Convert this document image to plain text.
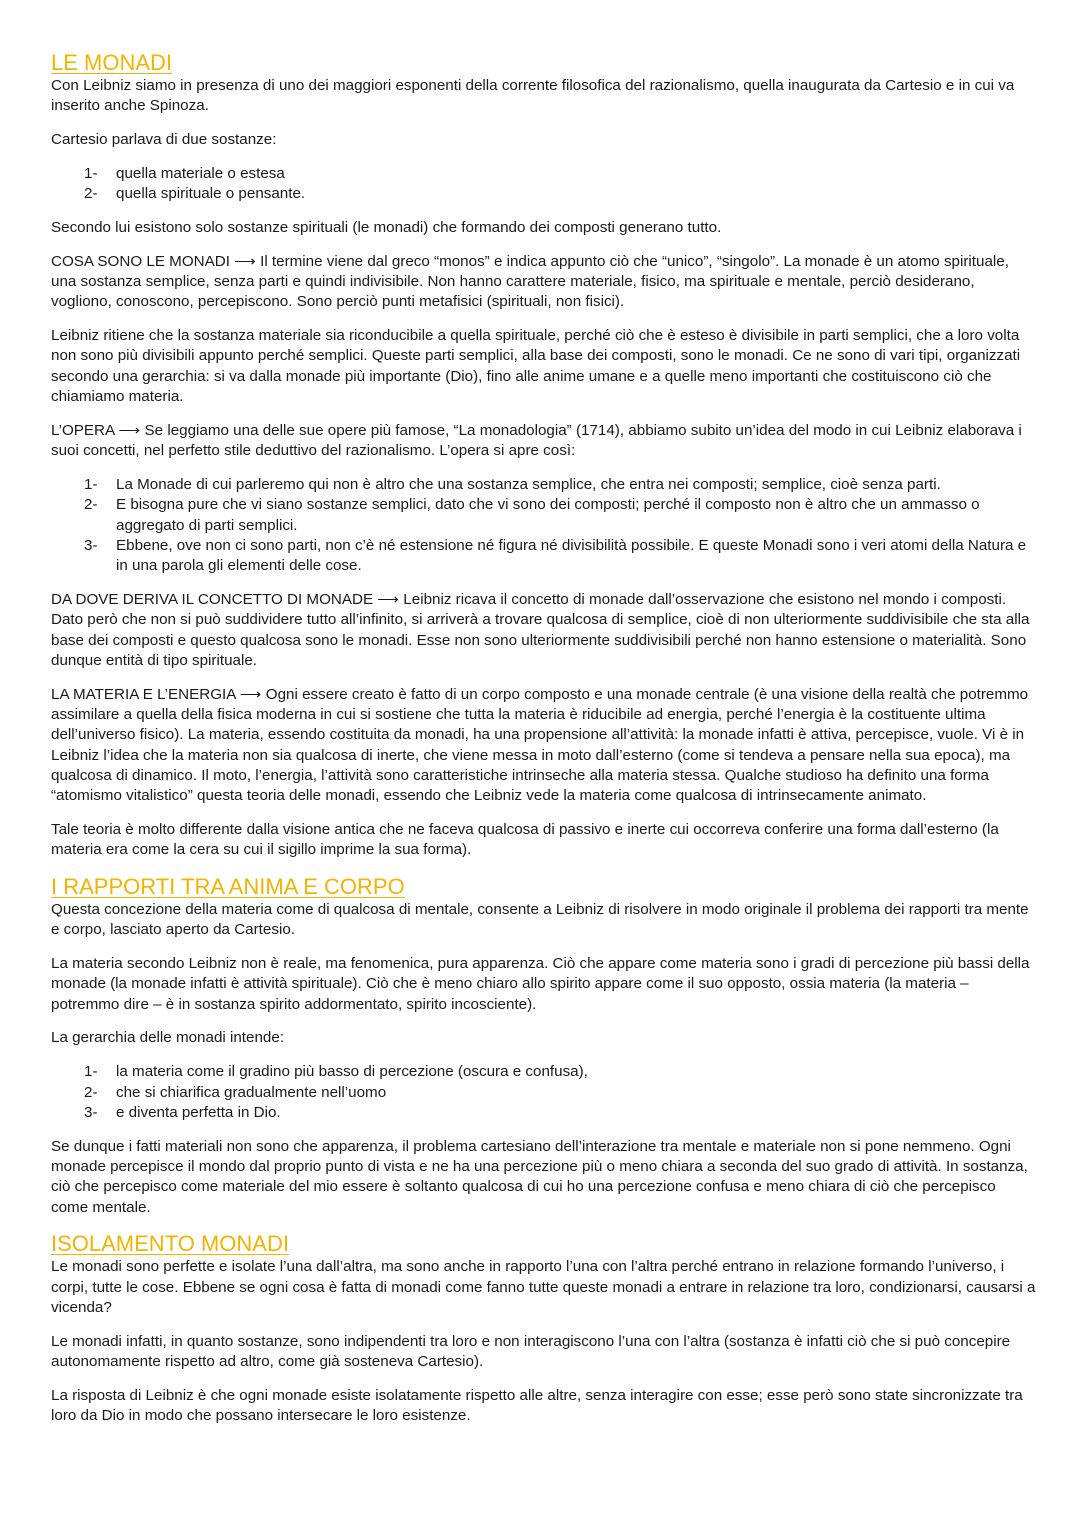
LE MONADI

Con Leibniz siamo in presenza di uno dei maggiori esponenti della corrente filosofica del razionalismo, quella inaugurata da Cartesio e in cui va inserito anche Spinoza.

Cartesio parlava di due sostanze:

1- quella materiale o estesa
2- quella spirituale o pensante.

Secondo lui esistono solo sostanze spirituali (le monadi) che formando dei composti generano tutto.

COSA SONO LE MONADI ⟶ Il termine viene dal greco “monos” e indica appunto ciò che “unico”, “singolo”. La monade è un atomo spirituale, una sostanza semplice, senza parti e quindi indivisibile. Non hanno carattere materiale, fisico, ma spirituale e mentale, perciò desiderano, vogliono, conoscono, percepiscono. Sono perciò punti metafisici (spirituali, non fisici).

Leibniz ritiene che la sostanza materiale sia riconducibile a quella spirituale, perché ciò che è esteso è divisibile in parti semplici, che a loro volta non sono più divisibili appunto perché semplici. Queste parti semplici, alla base dei composti, sono le monadi. Ce ne sono di vari tipi, organizzati secondo una gerarchia: si va dalla monade più importante (Dio), fino alle anime umane e a quelle meno importanti che costituiscono ciò che chiamiamo materia.

L’OPERA ⟶ Se leggiamo una delle sue opere più famose, “La monadologia” (1714), abbiamo subito un’idea del modo in cui Leibniz elaborava i suoi concetti, nel perfetto stile deduttivo del razionalismo. L’opera si apre così:

1- La Monade di cui parleremo qui non è altro che una sostanza semplice, che entra nei composti; semplice, cioè senza parti.
2- E bisogna pure che vi siano sostanze semplici, dato che vi sono dei composti; perché il composto non è altro che un ammasso o aggregato di parti semplici.
3- Ebbene, ove non ci sono parti, non c’è né estensione né figura né divisibilità possibile. E queste Monadi sono i veri atomi della Natura e in una parola gli elementi delle cose.

DA DOVE DERIVA IL CONCETTO DI MONADE ⟶ Leibniz ricava il concetto di monade dall’osservazione che esistono nel mondo i composti. Dato però che non si può suddividere tutto all’infinito, si arriverà a trovare qualcosa di semplice, cioè di non ulteriormente suddivisibile che sta alla base dei composti e questo qualcosa sono le monadi. Esse non sono ulteriormente suddivisibili perché non hanno estensione o materialità. Sono dunque entità di tipo spirituale.

LA MATERIA E L’ENERGIA ⟶ Ogni essere creato è fatto di un corpo composto e una monade centrale (è una visione della realtà che potremmo assimilare a quella della fisica moderna in cui si sostiene che tutta la materia è riducibile ad energia, perché l’energia è la costituente ultima dell’universo fisico). La materia, essendo costituita da monadi, ha una propensione all’attività: la monade infatti è attiva, percepisce, vuole. Vi è in Leibniz l’idea che la materia non sia qualcosa di inerte, che viene messa in moto dall’esterno (come si tendeva a pensare nella sua epoca), ma qualcosa di dinamico. Il moto, l’energia, l’attività sono caratteristiche intrinseche alla materia stessa. Qualche studioso ha definito una forma “atomismo vitalistico” questa teoria delle monadi, essendo che Leibniz vede la materia come qualcosa di intrinsecamente animato.

Tale teoria è molto differente dalla visione antica che ne faceva qualcosa di passivo e inerte cui occorreva conferire una forma dall’esterno (la materia era come la cera su cui il sigillo imprime la sua forma).

I RAPPORTI TRA ANIMA E CORPO

Questa concezione della materia come di qualcosa di mentale, consente a Leibniz di risolvere in modo originale il problema dei rapporti tra mente e corpo, lasciato aperto da Cartesio.

La materia secondo Leibniz non è reale, ma fenomenica, pura apparenza. Ciò che appare come materia sono i gradi di percezione più bassi della monade (la monade infatti è attività spirituale). Ciò che è meno chiaro allo spirito appare come il suo opposto, ossia materia (la materia – potremmo dire – è in sostanza spirito addormentato, spirito incosciente).

La gerarchia delle monadi intende:

1- la materia come il gradino più basso di percezione (oscura e confusa),
2- che si chiarifica gradualmente nell’uomo
3- e diventa perfetta in Dio.

Se dunque i fatti materiali non sono che apparenza, il problema cartesiano dell’interazione tra mentale e materiale non si pone nemmeno. Ogni monade percepisce il mondo dal proprio punto di vista e ne ha una percezione più o meno chiara a seconda del suo grado di attività. In sostanza, ciò che percepisco come materiale del mio essere è soltanto qualcosa di cui ho una percezione confusa e meno chiara di ciò che percepisco come mentale.

ISOLAMENTO MONADI

Le monadi sono perfette e isolate l’una dall’altra, ma sono anche in rapporto l’una con l’altra perché entrano in relazione formando l’universo, i corpi, tutte le cose. Ebbene se ogni cosa è fatta di monadi come fanno tutte queste monadi a entrare in relazione tra loro, condizionarsi, causarsi a vicenda?

Le monadi infatti, in quanto sostanze, sono indipendenti tra loro e non interagiscono l’una con l’altra (sostanza è infatti ciò che si può concepire autonomamente rispetto ad altro, come già sosteneva Cartesio).

La risposta di Leibniz è che ogni monade esiste isolatamente rispetto alle altre, senza interagire con esse; esse però sono state sincronizzate tra loro da Dio in modo che possano intersecare le loro esistenze.
